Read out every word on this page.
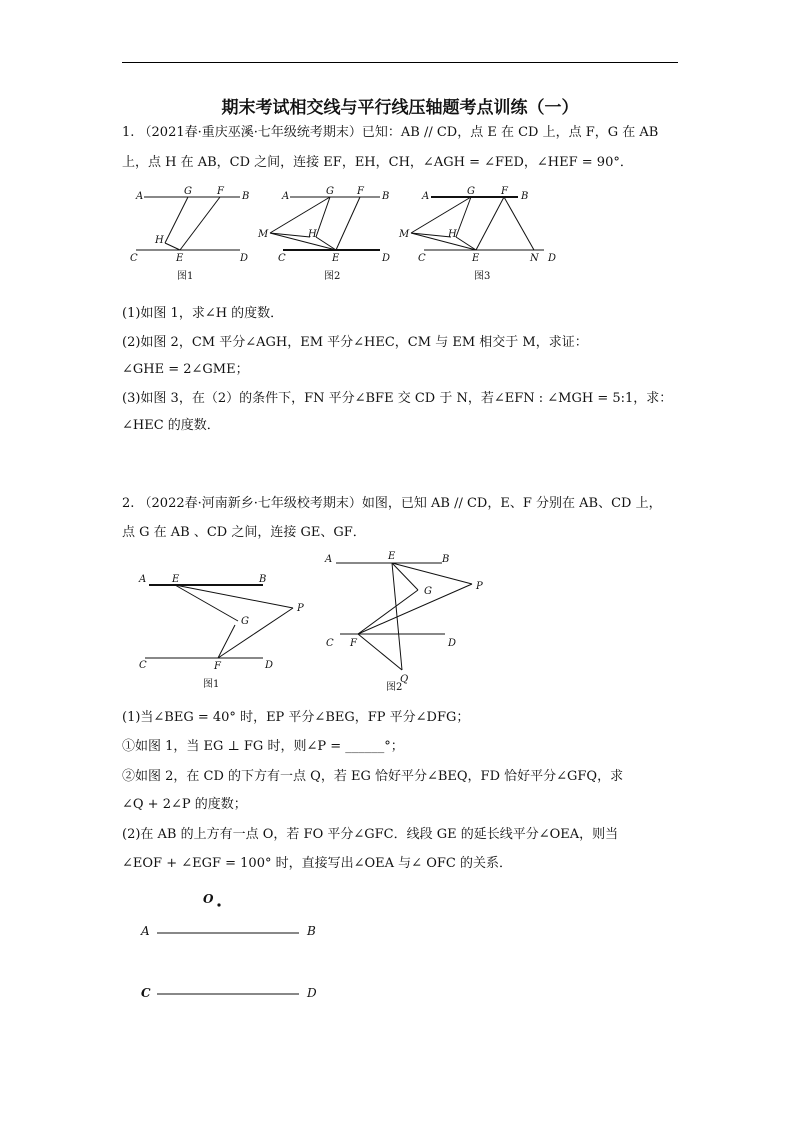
期末考试相交线与平行线压轴题考点训练（一）
1. （2021春·重庆巫溪·七年级统考期末）已知：AB // CD，点 E 在 CD 上，点 F，G 在 AB
上，点 H 在 AB，CD 之间，连接 EF，EH，CH，∠AGH = ∠FED，∠HEF = 90°．
A	G	F B
H
C	E	D
图1
A	G F B
M	H
C	E	D
图2
A	G	F B
M	H
C	E	N D
图3
(1)如图 1，求∠H 的度数．
(2)如图 2，CM 平分∠AGH，EM 平分∠HEC，CM 与 EM 相交于 M，求证：
∠GHE = 2∠GME；
(3)如图 3，在（2）的条件下，FN 平分∠BFE 交 CD 于 N，若∠EFN : ∠MGH = 5:1，求：
∠HEC 的度数．
2. （2022春·河南新乡·七年级校考期末）如图，已知 AB // CD，E、F 分别在 AB、CD 上，
点 G 在 AB 、CD 之间，连接 GE、GF．
A	E	B
G
P
C	F	D
图1
A	E	B
G	P
C F	D
Q
图2
(1)当∠BEG = 40° 时，EP 平分∠BEG，FP 平分∠DFG；
①如图 1，当 EG ⊥ FG 时，则∠P = ______°；
②如图 2，在 CD 的下方有一点 Q，若 EG 恰好平分∠BEQ，FD 恰好平分∠GFQ，求
∠Q + 2∠P 的度数；
(2)在 AB 的上方有一点 O，若 FO 平分∠GFC．线段 GE 的延长线平分∠OEA，则当
∠EOF + ∠EGF = 100° 时，直接写出∠OEA 与∠ OFC 的关系．
O
A	B
C	D
